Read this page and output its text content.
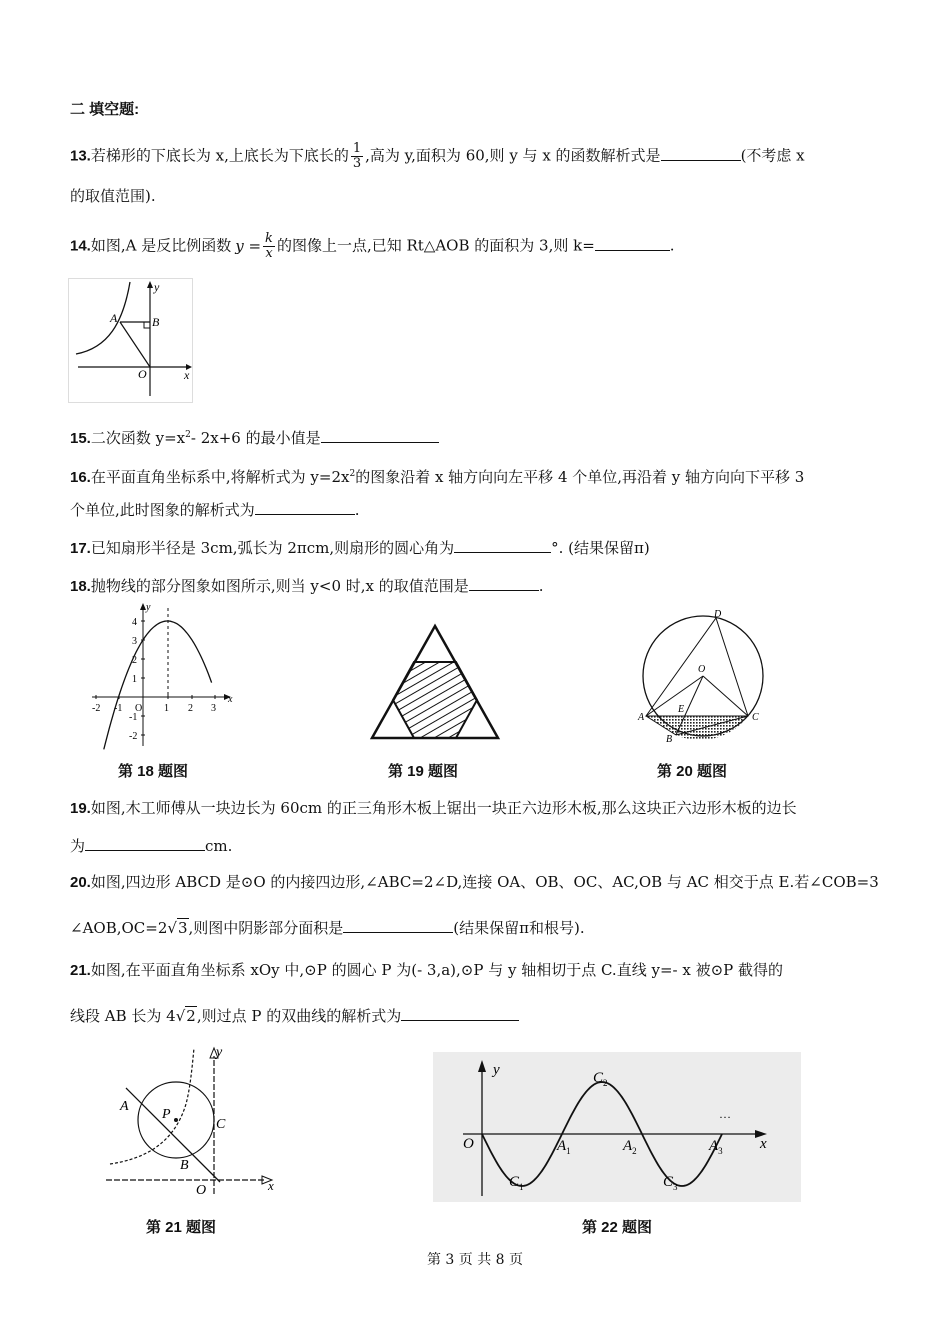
二 填空题:
13.若梯形的下底长为 x,上底长为下底长的 $\frac{1}{3}$ ,高为 y,面积为 60,则 y 与 x 的函数解析式是	(不考虑 x
的取值范围).
14.如图,A 是反比例函数 $y = \frac{k}{x}$ 的图像上一点,已知 Rt△AOB 的面积为 3,则 k=	.
y
x
A	B
O
15.二次函数 $y=x^2-$ 2x+6 的最小值是
16.在平面直角坐标系中,将解析式为 $y=2x^2$的图象沿着 x 轴方向向左平移 4 个单位,再沿着 y 轴方向向下平移 3
个单位,此时图象的解析式为	.
17.已知扇形半径是 3cm,弧长为 2πcm,则扇形的圆心角为	°. (结果保留π)
18.抛物线的部分图象如图所示,则当 y<0 时,x 的取值范围是	.
-2 -1 O 1 2 3
4
3
2
1
-1
-2
x
y
D
O
A
E
C
B
第 18 题图	第 19 题图	第 20 题图
19.如图,木工师傅从一块边长为 60cm 的正三角形木板上锯出一块正六边形木板,那么这块正六边形木板的边长
为	cm.
20.如图,四边形 ABCD 是⊙O 的内接四边形,∠ABC=2∠D,连接 OA、OB、OC、AC,OB 与 AC 相交于点 E.若∠COB=3
∠AOB,OC=2√3,则图中阴影部分面积是	(结果保留π和根号).
21.如图,在平面直角坐标系 xOy 中,⊙P 的圆心 P 为(- 3,a),⊙P 与 y 轴相切于点 C.直线 y=- x 被⊙P 截得的
线段 AB 长为 4√2,则过点 P 的双曲线的解析式为
y
x
A
P
C
B
O
y
x
O
$C_2$
$A_1$	$A_2$	$A_3$
$C_1$	$C_3$
…
第 21 题图	第 22 题图
第 3 页 共 8 页
